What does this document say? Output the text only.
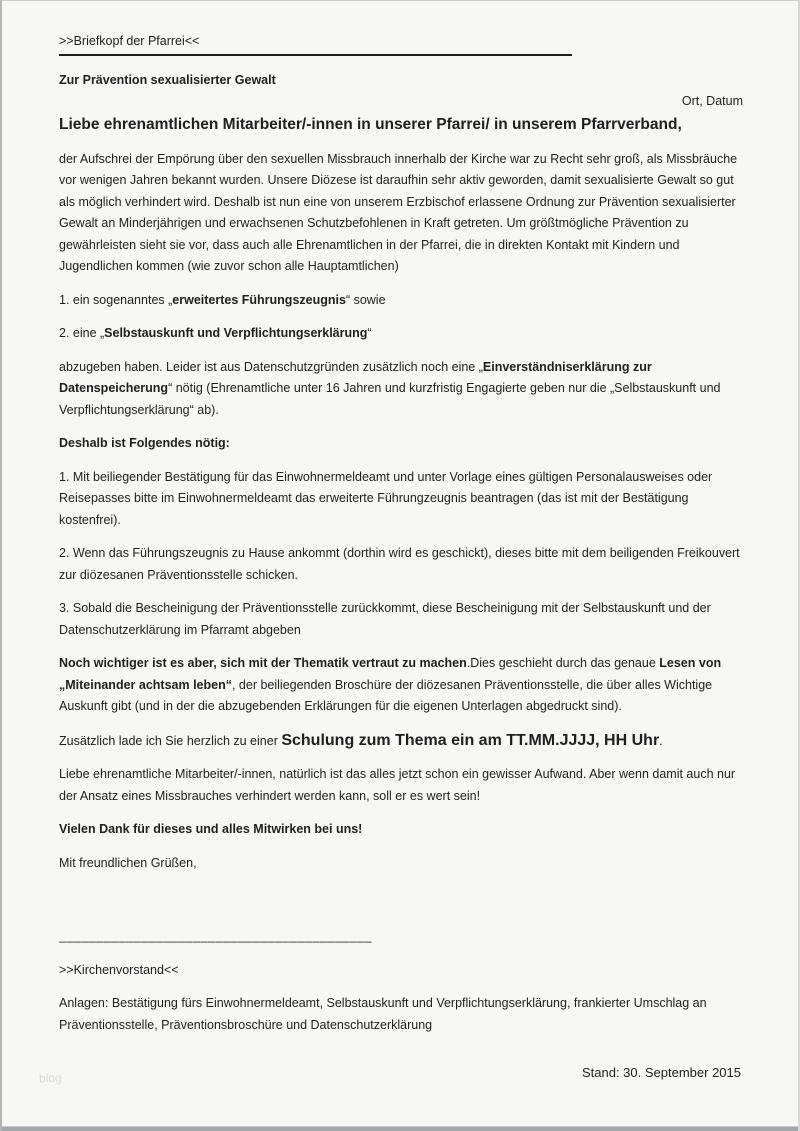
>>Briefkopf der Pfarrei<<

Zur Prävention sexualisierter Gewalt

Ort, Datum

Liebe ehrenamtlichen Mitarbeiter/-innen in unserer Pfarrei/ in unserem Pfarrverband,

der Aufschrei der Empörung über den sexuellen Missbrauch innerhalb der Kirche war zu Recht sehr groß, als Missbräuche vor wenigen Jahren bekannt wurden. Unsere Diözese ist daraufhin sehr aktiv geworden, damit sexualisierte Gewalt so gut als möglich verhindert wird. Deshalb ist nun eine von unserem Erzbischof erlassene Ordnung zur Prävention sexualisierter Gewalt an Minderjährigen und erwachsenen Schutzbefohlenen in Kraft getreten. Um größtmögliche Prävention zu gewährleisten sieht sie vor, dass auch alle Ehrenamtlichen in der Pfarrei, die in direkten Kontakt mit Kindern und Jugendlichen kommen (wie zuvor schon alle Hauptamtlichen)

1. ein sogenanntes „erweitertes Führungszeugnis“ sowie

2. eine „Selbstauskunft und Verpflichtungserklärung“

abzugeben haben. Leider ist aus Datenschutzgründen zusätzlich noch eine „Einverständniserklärung zur Datenspeicherung“ nötig (Ehrenamtliche unter 16 Jahren und kurzfristig Engagierte geben nur die „Selbstauskunft und Verpflichtungserklärung“ ab).

Deshalb ist Folgendes nötig:

1. Mit beiliegender Bestätigung für das Einwohnermeldeamt und unter Vorlage eines gültigen Personalausweises oder Reisepasses bitte im Einwohnermeldeamt das erweiterte Führungzeugnis beantragen (das ist mit der Bestätigung kostenfrei).

2. Wenn das Führungszeugnis zu Hause ankommt (dorthin wird es geschickt), dieses bitte mit dem beiligenden Freikouvert zur diözesanen Präventionsstelle schicken.

3. Sobald die Bescheinigung der Präventionsstelle zurückkommt, diese Bescheinigung mit der Selbstauskunft und der Datenschutzerklärung im Pfarramt abgeben

Noch wichtiger ist es aber, sich mit der Thematik vertraut zu machen.Dies geschieht durch das genaue Lesen von „Miteinander achtsam leben“, der beiliegenden Broschüre der diözesanen Präventionsstelle, die über alles Wichtige Auskunft gibt (und in der die abzugebenden Erklärungen für die eigenen Unterlagen abgedruckt sind).

Zusätzlich lade ich Sie herzlich zu einer Schulung zum Thema ein am TT.MM.JJJJ, HH Uhr.

Liebe ehrenamtliche Mitarbeiter/-innen, natürlich ist das alles jetzt schon ein gewisser Aufwand. Aber wenn damit auch nur der Ansatz eines Missbrauches verhindert werden kann, soll er es wert sein!

Vielen Dank für dieses und alles Mitwirken bei uns!

Mit freundlichen Grüßen,

__________________________________________

>>Kirchenvorstand<<

Anlagen: Bestätigung fürs Einwohnermeldeamt, Selbstauskunft und Verpflichtungserklärung, frankierter Umschlag an Präventionsstelle, Präventionsbroschüre und Datenschutzerklärung

Stand: 30. September 2015
blog
